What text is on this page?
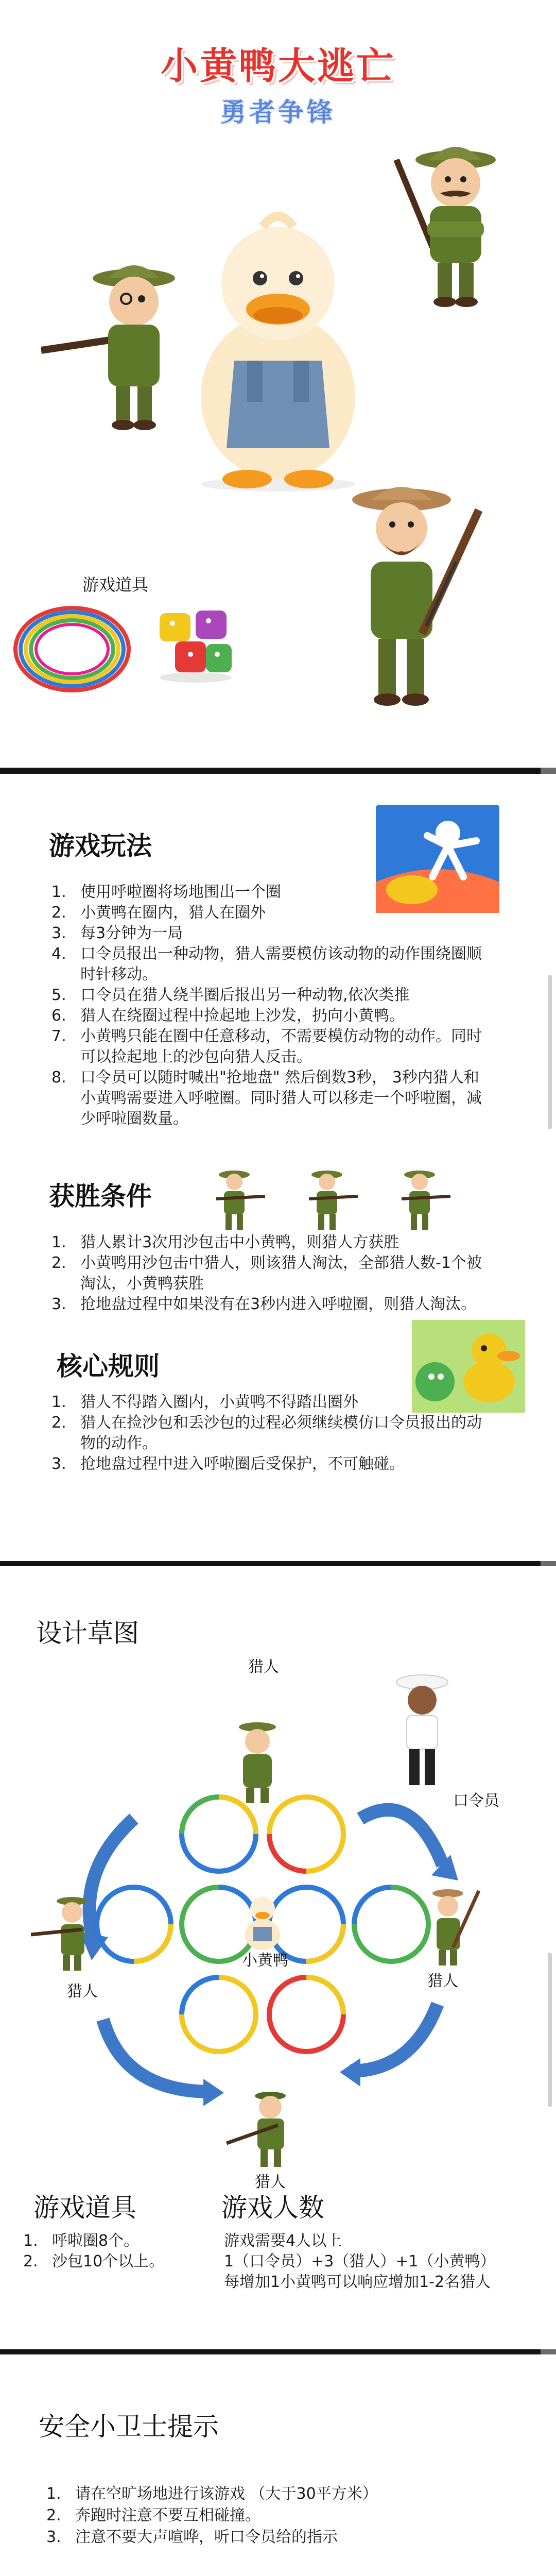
小黄鸭大逃亡
勇者争锋
游戏道具
游戏玩法
1. 使用呼啦圈将场地围出一个圈
2. 小黄鸭在圈内，猎人在圈外
3. 每3分钟为一局
4. 口令员报出一种动物，猎人需要模仿该动物的动作围绕圈顺时针移动。
5. 口令员在猎人绕半圈后报出另一种动物,依次类推
6. 猎人在绕圈过程中捡起地上沙发，扔向小黄鸭。
7. 小黄鸭只能在圈中任意移动，不需要模仿动物的动作。同时可以捡起地上的沙包向猎人反击。
8. 口令员可以随时喊出"抢地盘" 然后倒数3秒， 3秒内猎人和小黄鸭需要进入呼啦圈。同时猎人可以移走一个呼啦圈，减少呼啦圈数量。
获胜条件
1. 猎人累计3次用沙包击中小黄鸭，则猎人方获胜
2. 小黄鸭用沙包击中猎人，则该猎人淘汰，全部猎人数-1个被淘汰，小黄鸭获胜
3. 抢地盘过程中如果没有在3秒内进入呼啦圈，则猎人淘汰。
核心规则
1. 猎人不得踏入圈内，小黄鸭不得踏出圈外
2. 猎人在捡沙包和丢沙包的过程必须继续模仿口令员报出的动物的动作。
3. 抢地盘过程中进入呼啦圈后受保护，不可触碰。
设计草图
猎人
口令员
猎人
小黄鸭
猎人
猎人
游戏道具
1. 呼啦圈8个。
2. 沙包10个以上。
游戏人数
游戏需要4人以上
1（口令员）+3（猎人）+1（小黄鸭）
每增加1小黄鸭可以响应增加1-2名猎人
安全小卫士提示
1. 请在空旷场地进行该游戏 （大于30平方米）
2. 奔跑时注意不要互相碰撞。
3. 注意不要大声喧哗，听口令员给的指示
